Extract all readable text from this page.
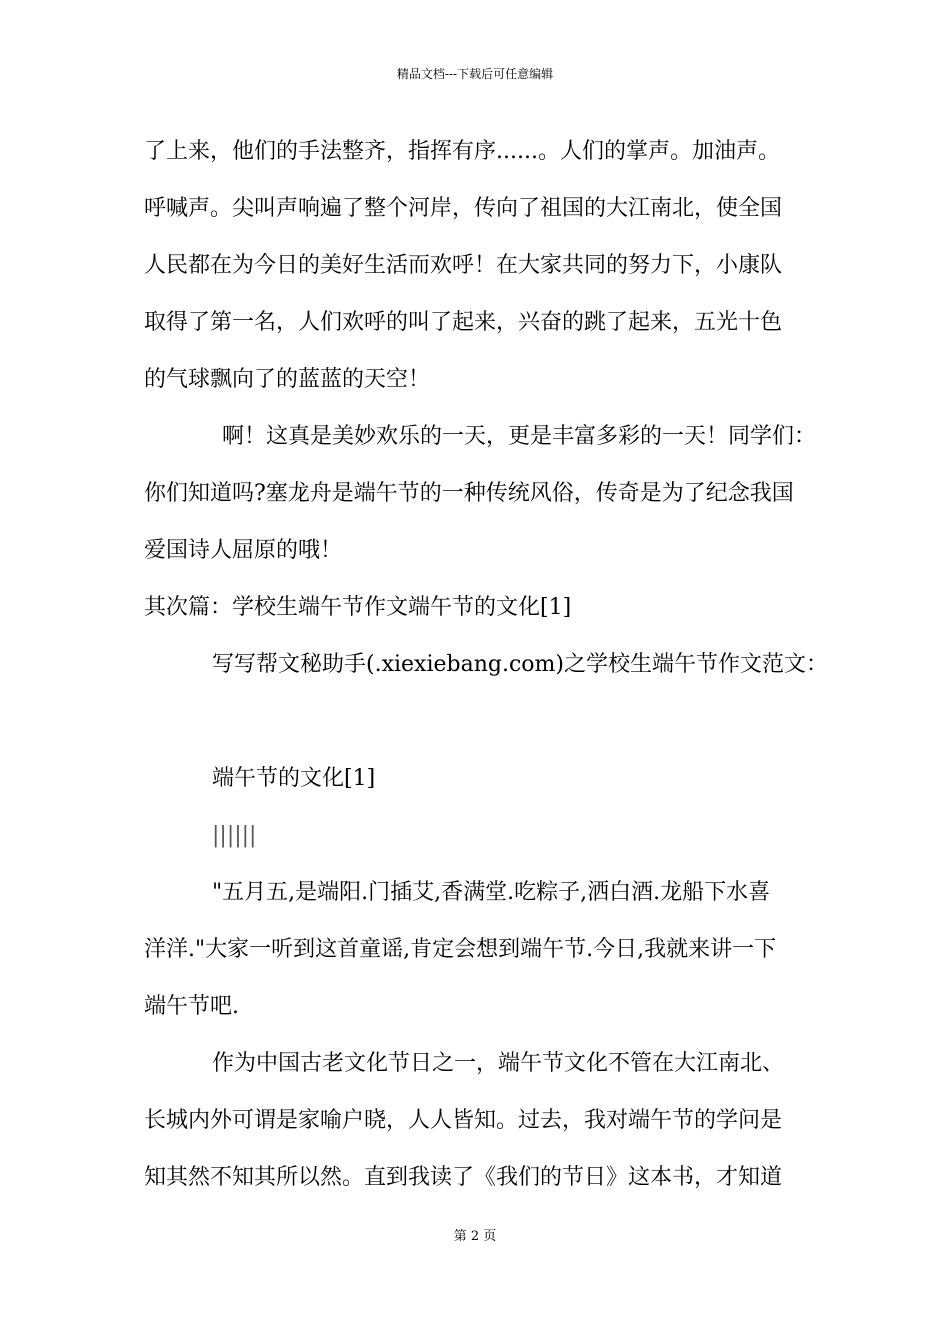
精品文档---下载后可任意编辑
了上来，他们的手法整齐，指挥有序......。人们的掌声。加油声。
呼喊声。尖叫声响遍了整个河岸，传向了祖国的大江南北，使全国
人民都在为今日的美好生活而欢呼！在大家共同的努力下，小康队
取得了第一名，人们欢呼的叫了起来，兴奋的跳了起来，五光十色
的气球飘向了的蓝蓝的天空！
啊！这真是美妙欢乐的一天，更是丰富多彩的一天！同学们：
你们知道吗?塞龙舟是端午节的一种传统风俗，传奇是为了纪念我国
爱国诗人屈原的哦！
其次篇：学校生端午节作文端午节的文化[1]
写写帮文秘助手(.xiexiebang.com)之学校生端午节作文范文：
端午节的文化[1]
||||||
"五月五,是端阳.门插艾,香满堂.吃粽子,洒白酒.龙船下水喜
洋洋."大家一听到这首童谣,肯定会想到端午节.今日,我就来讲一下
端午节吧.
作为中国古老文化节日之一，端午节文化不管在大江南北、
长城内外可谓是家喻户晓，人人皆知。过去，我对端午节的学问是
知其然不知其所以然。直到我读了《我们的节日》这本书，才知道
第 2 页
